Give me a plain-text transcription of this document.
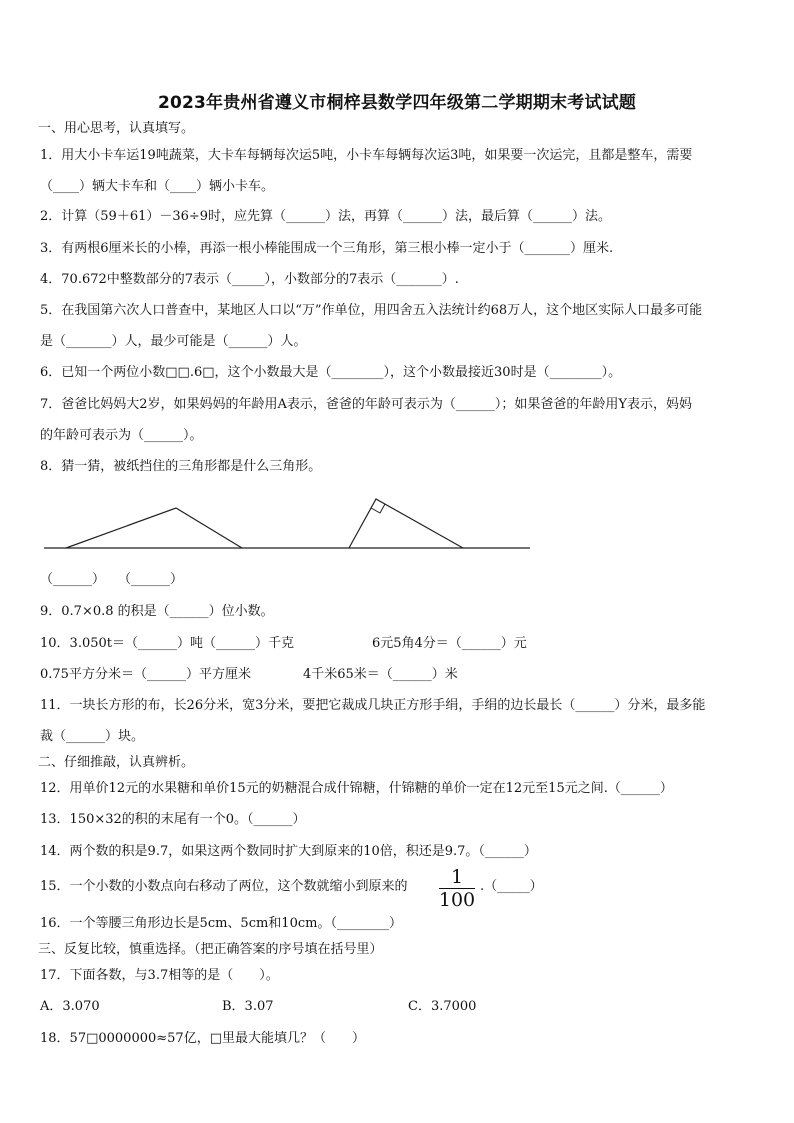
2023年贵州省遵义市桐梓县数学四年级第二学期期末考试试题
一、用心思考，认真填写。
1．用大小卡车运19吨蔬菜，大卡车每辆每次运5吨，小卡车每辆每次运3吨，如果要一次运完，且都是整车，需要
（____）辆大卡车和（____）辆小卡车。
2．计算（59＋61）－36÷9时，应先算（______）法，再算（______）法，最后算（______）法。
3．有两根6厘米长的小棒，再添一根小棒能围成一个三角形，第三根小棒一定小于（_______）厘米.
4．70.672中整数部分的7表示（_____），小数部分的7表示（_______）.
5．在我国第六次人口普查中，某地区人口以“万”作单位，用四舍五入法统计约68万人，这个地区实际人口最多可能
是（_______）人，最少可能是（______）人。
6．已知一个两位小数□□.6□，这个小数最大是（________），这个小数最接近30时是（________）。
7．爸爸比妈妈大2岁，如果妈妈的年龄用A表示，爸爸的年龄可表示为（______）；如果爸爸的年龄用Y表示，妈妈
的年龄可表示为（______）。
8．猜一猜，被纸挡住的三角形都是什么三角形。
（______）　　（______）
9．0.7×0.8 的积是（______）位小数。
10．3.050t＝（______）吨（______）千克　　　　　　6元5角4分＝（______）元
0.75平方分米＝（______）平方厘米　　　　4千米65米＝（______）米
11．一块长方形的布，长26分米，宽3分米，要把它裁成几块正方形手绢，手绢的边长最长（______）分米，最多能
裁（______）块。
二、仔细推敲，认真辨析。
12．用单价12元的水果糖和单价15元的奶糖混合成什锦糖，什锦糖的单价一定在12元至15元之间.（______）
13．150×32的积的末尾有一个0。（______）
14．两个数的积是9.7，如果这两个数同时扩大到原来的10倍，积还是9.7。（______）
15．一个小数的小数点向右移动了两位，这个数就缩小到原来的	1
100
.（_____）
16．一个等腰三角形边长是5cm、5cm和10cm。（________）
三、反复比较，慎重选择。（把正确答案的序号填在括号里）
17．下面各数，与3.7相等的是（　　）。
A．3.070	B．3.07	C．3.7000
18．57□0000000≈57亿，□里最大能填几？（　　）
